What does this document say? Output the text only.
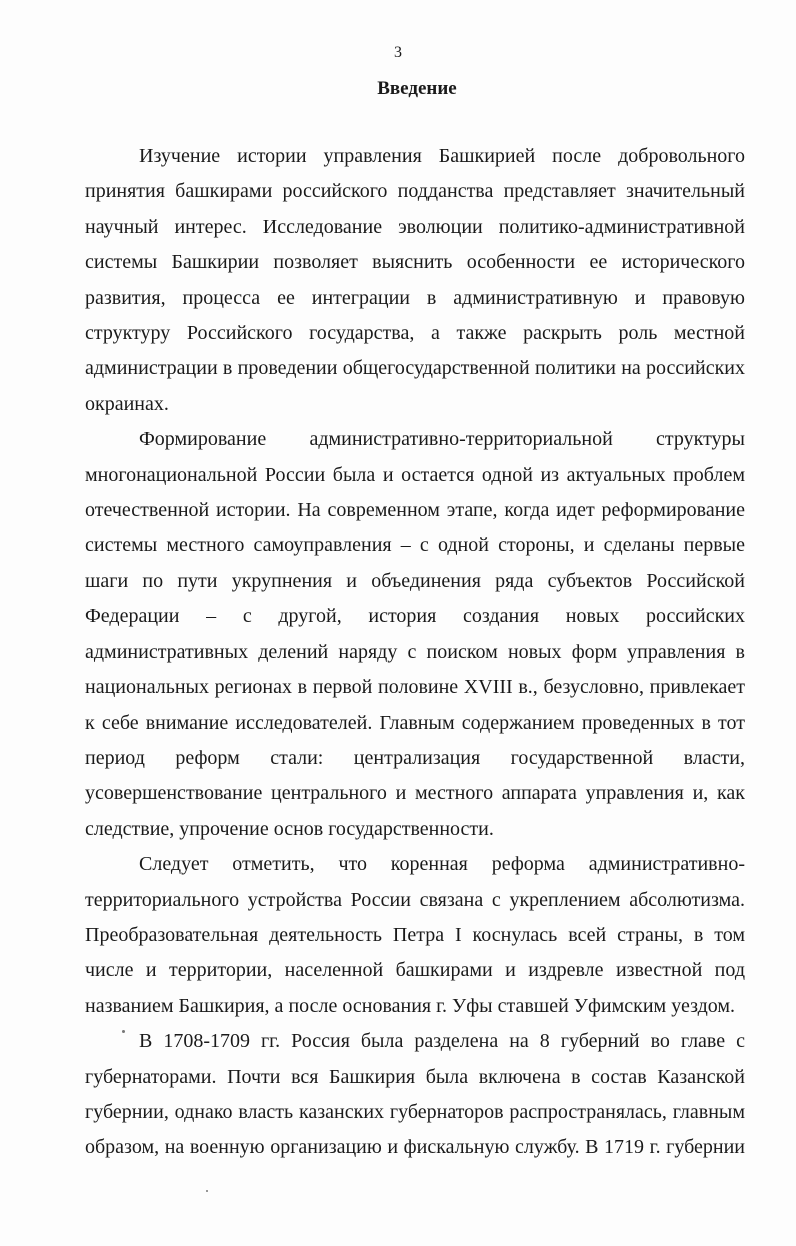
3
Введение

Изучение истории управления Башкирией после добровольного принятия башкирами российского подданства представляет значительный научный интерес. Исследование эволюции политико-административной системы Башкирии позволяет выяснить особенности ее исторического развития, процесса ее интеграции в административную и правовую структуру Российского государства, а также раскрыть роль местной администрации в проведении общегосударственной политики на российских окраинах.

Формирование административно-территориальной структуры многонациональной России была и остается одной из актуальных проблем отечественной истории. На современном этапе, когда идет реформирование системы местного самоуправления – с одной стороны, и сделаны первые шаги по пути укрупнения и объединения ряда субъектов Российской Федерации – с другой, история создания новых российских административных делений наряду с поиском новых форм управления в национальных регионах в первой половине XVIII в., безусловно, привлекает к себе внимание исследователей. Главным содержанием проведенных в тот период реформ стали: централизация государственной власти, усовершенствование центрального и местного аппарата управления и, как следствие, упрочение основ государственности.

Следует отметить, что коренная реформа административно-территориального устройства России связана с укреплением абсолютизма. Преобразовательная деятельность Петра I коснулась всей страны, в том числе и территории, населенной башкирами и издревле известной под названием Башкирия, а после основания г. Уфы ставшей Уфимским уездом.

В 1708-1709 гг. Россия была разделена на 8 губерний во главе с губернаторами. Почти вся Башкирия была включена в состав Казанской губернии, однако власть казанских губернаторов распространялась, главным образом, на военную организацию и фискальную службу. В 1719 г. губернии
